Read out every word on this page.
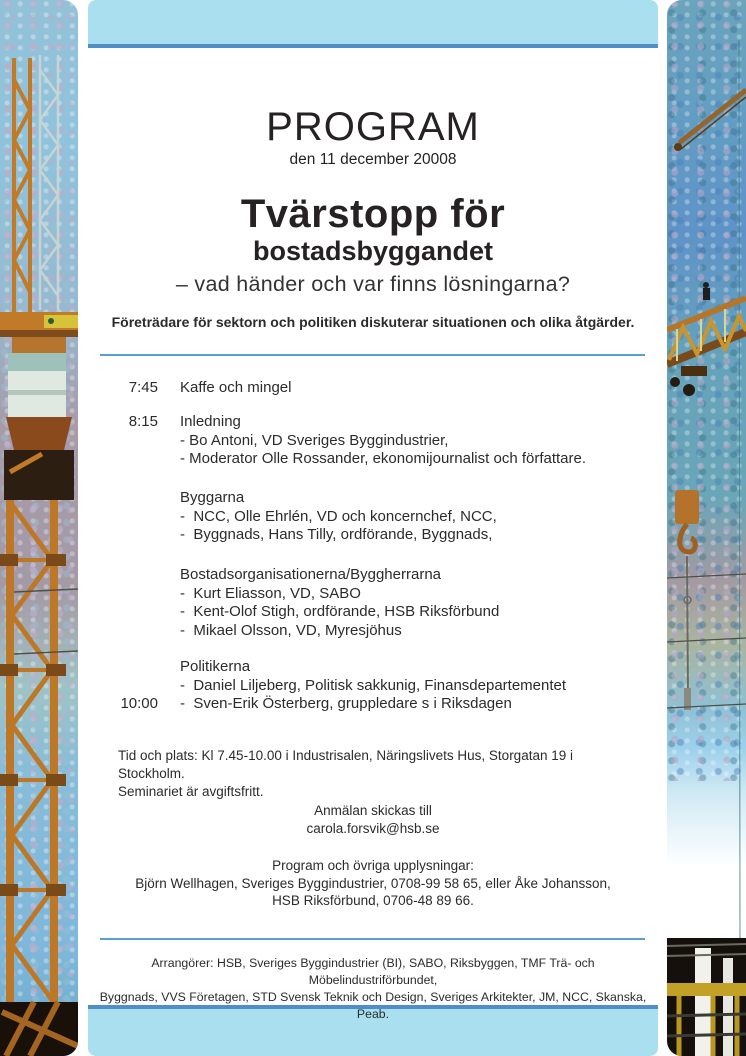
PROGRAM
den 11 december 20008
Tvärstopp för
bostadsbyggandet
– vad händer och var finns lösningarna?
Företrädare för sektorn och politiken diskuterar situationen och olika åtgärder.
7:45 Kaffe och mingel
8:15 Inledning
- Bo Antoni, VD Sveriges Byggindustrier,
- Moderator Olle Rossander, ekonomijournalist och författare.
Byggarna
-  NCC, Olle Ehrlén, VD och koncernchef, NCC,
-  Byggnads, Hans Tilly, ordförande, Byggnads,
Bostadsorganisationerna/Byggherrarna
-  Kurt Eliasson, VD, SABO
-  Kent-Olof Stigh, ordförande, HSB Riksförbund
-  Mikael Olsson, VD, Myresjöhus
Politikerna
-  Daniel Liljeberg, Politisk sakkunig, Finansdepartementet
10:00 -  Sven-Erik Österberg, gruppledare s i Riksdagen
Tid och plats: Kl 7.45-10.00 i Industrisalen, Näringslivets Hus, Storgatan 19 i Stockholm.
Seminariet är avgiftsfritt.
Anmälan skickas till
carola.forsvik@hsb.se
Program och övriga upplysningar:
Björn Wellhagen, Sveriges Byggindustrier, 0708-99 58 65, eller Åke Johansson,
HSB Riksförbund, 0706-48 89 66.
Arrangörer: HSB, Sveriges Byggindustrier (BI), SABO, Riksbyggen, TMF Trä- och Möbelindustriförbundet,
Byggnads, VVS Företagen, STD Svensk Teknik och Design, Sveriges Arkitekter, JM, NCC, Skanska, Peab.
